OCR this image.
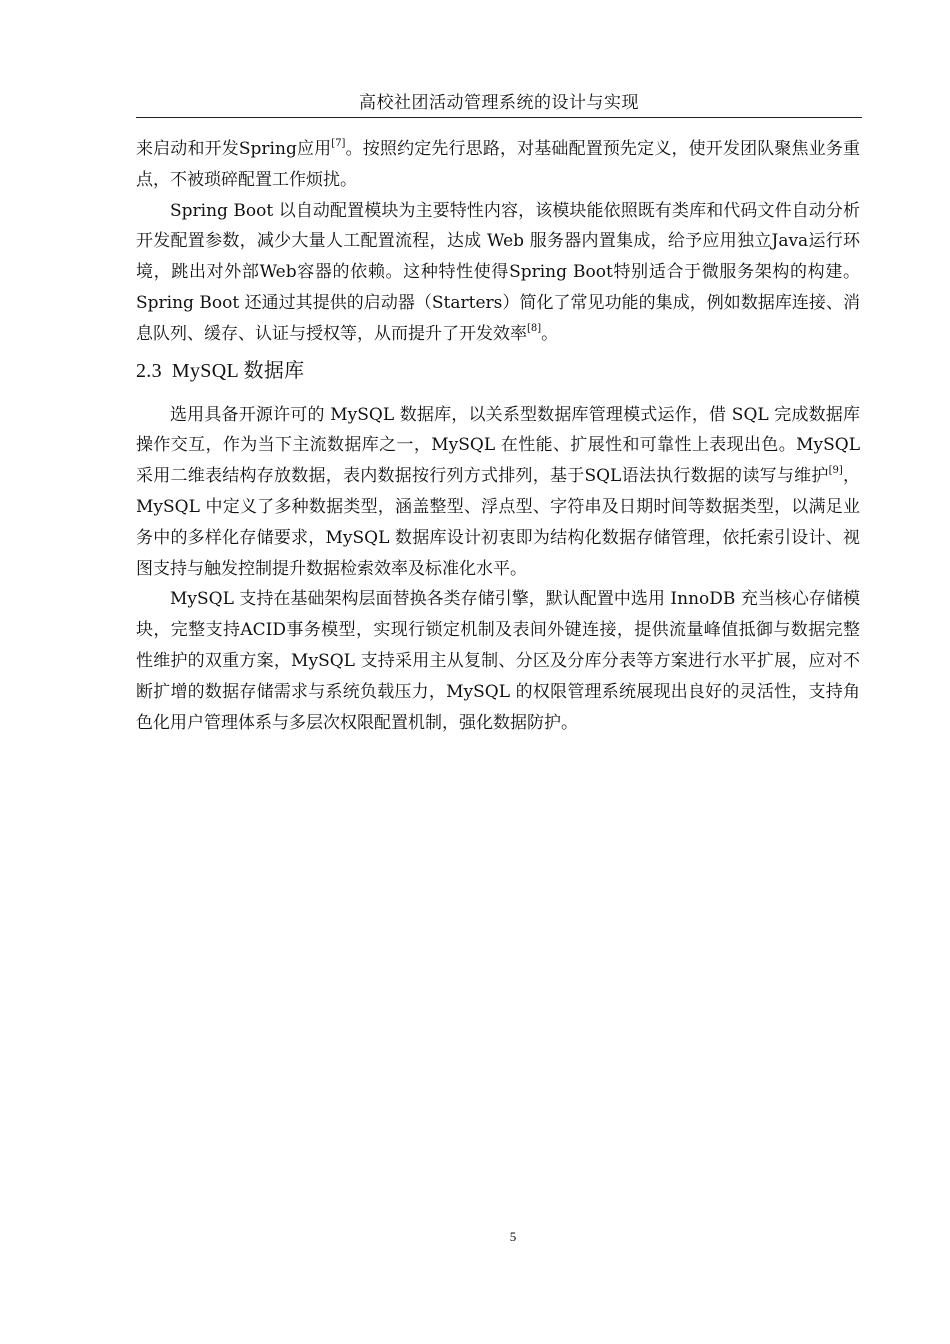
高校社团活动管理系统的设计与实现

来启动和开发Spring应用[7]。按照约定先行思路，对基础配置预先定义，使开发团队聚焦业务重点，不被琐碎配置工作烦扰。

Spring Boot 以自动配置模块为主要特性内容，该模块能依照既有类库和代码文件自动分析开发配置参数，减少大量人工配置流程，达成 Web 服务器内置集成，给予应用独立Java运行环境，跳出对外部Web容器的依赖。这种特性使得Spring Boot特别适合于微服务架构的构建。Spring Boot 还通过其提供的启动器（Starters）简化了常见功能的集成，例如数据库连接、消息队列、缓存、认证与授权等，从而提升了开发效率[8]。

2.3 MySQL 数据库

选用具备开源许可的 MySQL 数据库，以关系型数据库管理模式运作，借 SQL 完成数据库操作交互，作为当下主流数据库之一，MySQL 在性能、扩展性和可靠性上表现出色。MySQL采用二维表结构存放数据，表内数据按行列方式排列，基于SQL语法执行数据的读写与维护[9]，MySQL 中定义了多种数据类型，涵盖整型、浮点型、字符串及日期时间等数据类型，以满足业务中的多样化存储要求，MySQL 数据库设计初衷即为结构化数据存储管理，依托索引设计、视图支持与触发控制提升数据检索效率及标准化水平。

MySQL 支持在基础架构层面替换各类存储引擎，默认配置中选用 InnoDB 充当核心存储模块，完整支持ACID事务模型，实现行锁定机制及表间外键连接，提供流量峰值抵御与数据完整性维护的双重方案，MySQL 支持采用主从复制、分区及分库分表等方案进行水平扩展，应对不断扩增的数据存储需求与系统负载压力，MySQL 的权限管理系统展现出良好的灵活性，支持角色化用户管理体系与多层次权限配置机制，强化数据防护。

5
